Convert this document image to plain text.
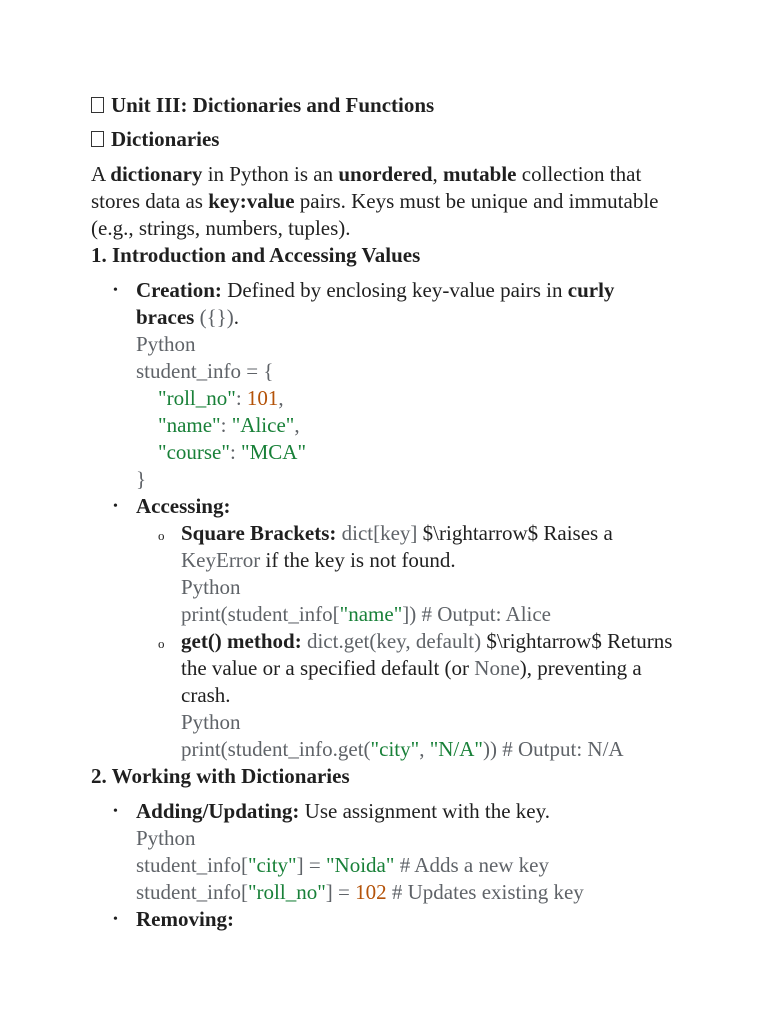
Unit III: Dictionaries and Functions
Dictionaries

A dictionary in Python is an unordered, mutable collection that stores data as key:value pairs. Keys must be unique and immutable (e.g., strings, numbers, tuples).

1. Introduction and Accessing Values
• Creation: Defined by enclosing key-value pairs in curly braces ({}).
Python
student_info = {
"roll_no": 101,
"name": "Alice",
"course": "MCA"
}
• Accessing:
o Square Brackets: dict[key] $\rightarrow$ Raises a KeyError if the key is not found.
Python
print(student_info["name"]) # Output: Alice
o get() method: dict.get(key, default) $\rightarrow$ Returns the value or a specified default (or None), preventing a crash.
Python
print(student_info.get("city", "N/A")) # Output: N/A
2. Working with Dictionaries
• Adding/Updating: Use assignment with the key.
Python
student_info["city"] = "Noida" # Adds a new key
student_info["roll_no"] = 102 # Updates existing key
• Removing:
